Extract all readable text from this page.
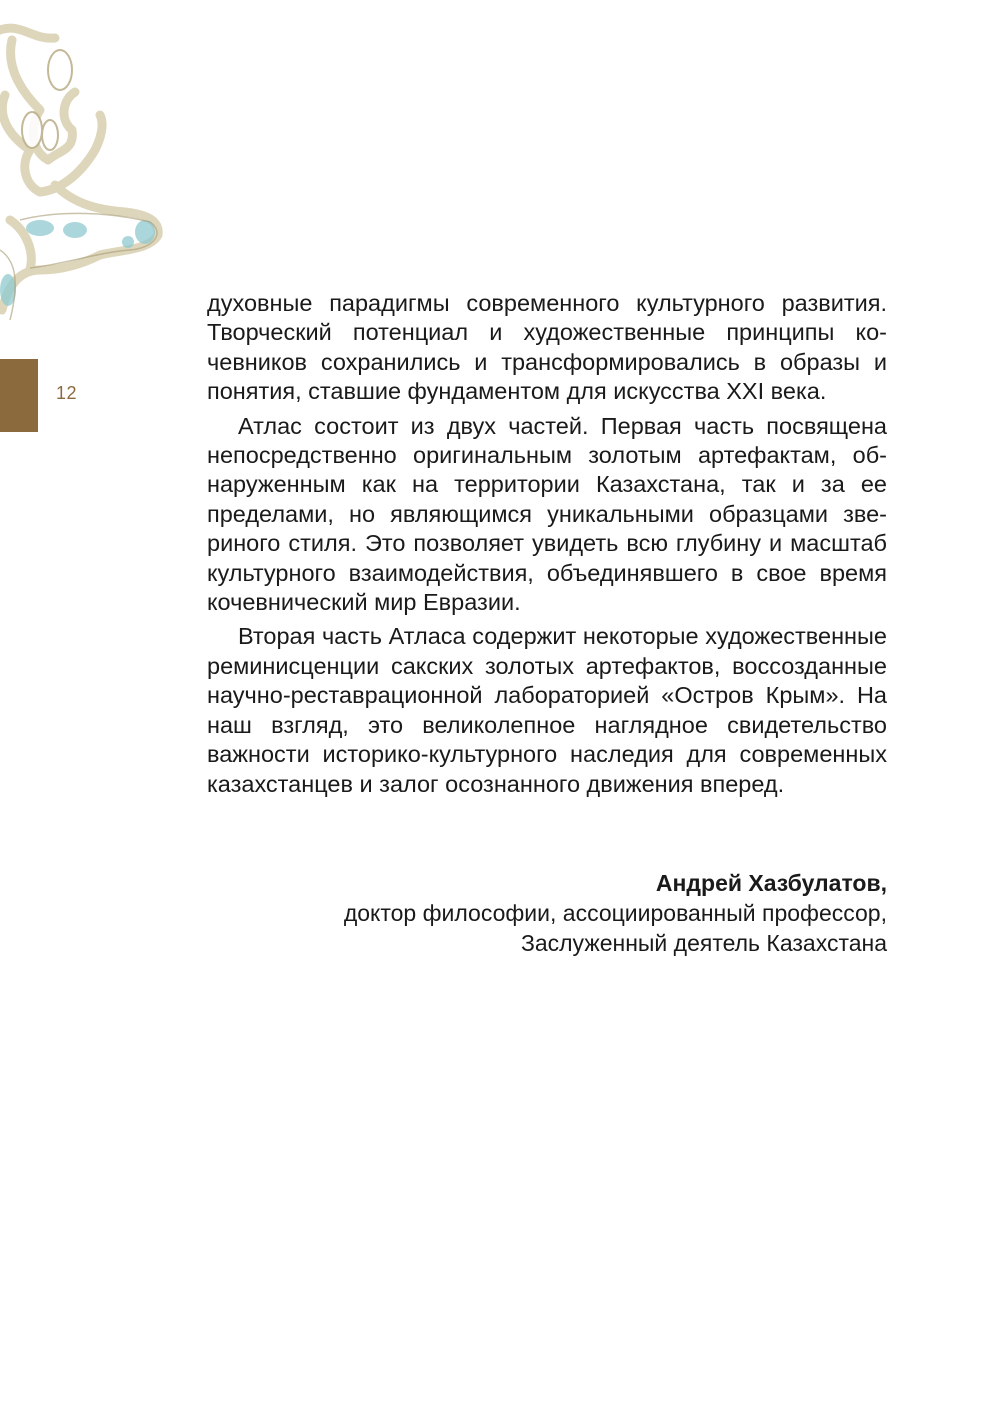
12

духовные парадигмы современного культурного развития. Творческий потенциал и художественные принципы кочевников сохранились и трансформировались в образы и понятия, ставшие фундаментом для искусства XXI века.

Атлас состоит из двух частей. Первая часть посвящена непосредственно оригинальным золотым артефактам, обнаруженным как на территории Казахстана, так и за ее пределами, но являющимся уникальными образцами звериного стиля. Это позволяет увидеть всю глубину и масштаб культурного взаимодействия, объединявшего в свое время кочевнический мир Евразии.

Вторая часть Атласа содержит некоторые художественные реминисценции сакских золотых артефактов, воссозданные научно-реставрационной лабораторией «Остров Крым». На наш взгляд, это великолепное наглядное свидетельство важности историко-культурного наследия для современных казахстанцев и залог осознанного движения вперед.

Андрей Хазбулатов,
доктор философии, ассоциированный профессор,
Заслуженный деятель Казахстана
